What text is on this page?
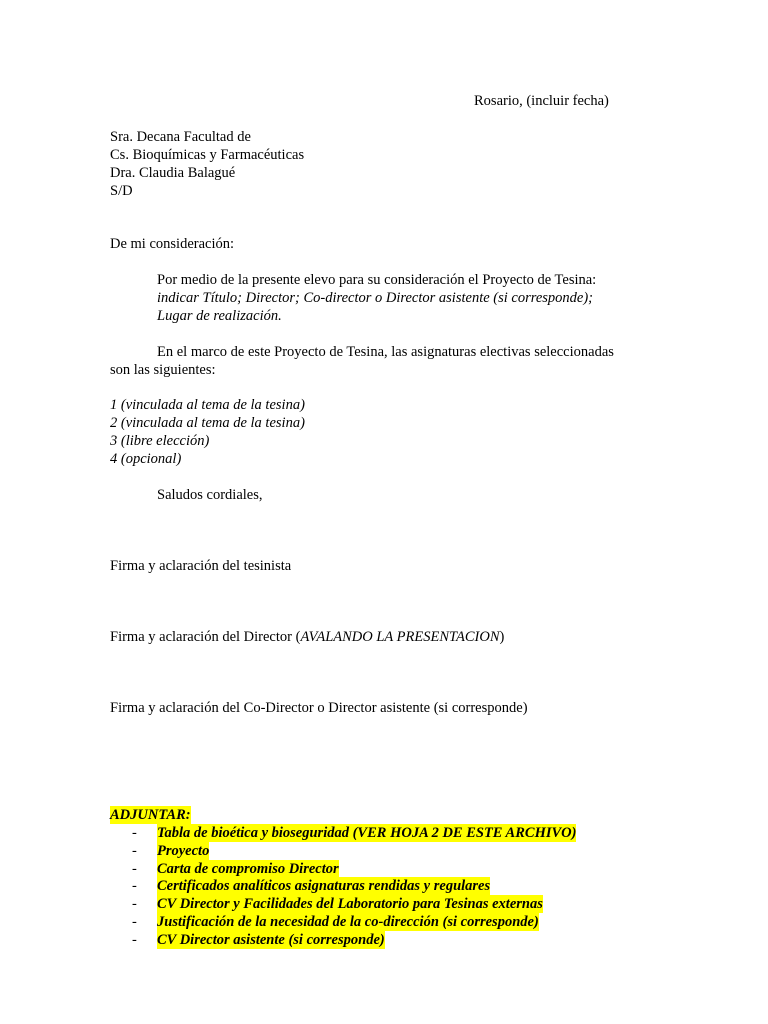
Rosario, (incluir fecha)
Sra. Decana Facultad de
Cs. Bioquímicas y Farmacéuticas
Dra. Claudia Balagué
S/D
De mi consideración:
Por medio de la presente elevo para su consideración el Proyecto de Tesina:
indicar Título; Director; Co-director o Director asistente (si corresponde);
Lugar de realización.
En el marco de este Proyecto de Tesina, las asignaturas electivas seleccionadas
son las siguientes:
1 (vinculada al tema de la tesina)
2 (vinculada al tema de la tesina)
3 (libre elección)
4 (opcional)
Saludos cordiales,
Firma y aclaración del tesinista
Firma y aclaración del Director (AVALANDO LA PRESENTACION)
Firma y aclaración del Co-Director o Director asistente (si corresponde)
ADJUNTAR:
- Tabla de bioética y bioseguridad (VER HOJA 2 DE ESTE ARCHIVO)
- Proyecto
- Carta de compromiso Director
- Certificados analíticos asignaturas rendidas y regulares
- CV Director y Facilidades del Laboratorio para Tesinas externas
- Justificación de la necesidad de la co-dirección (si corresponde)
- CV Director asistente (si corresponde)
